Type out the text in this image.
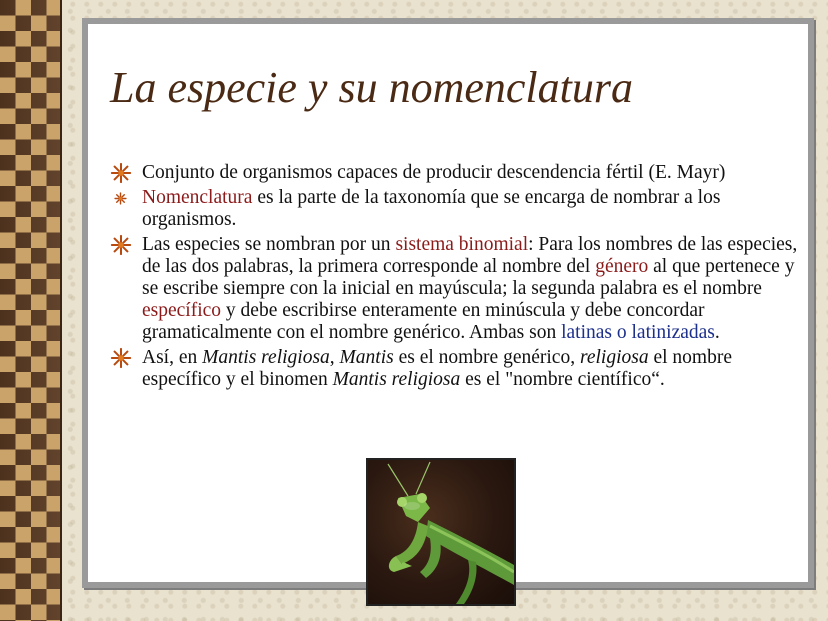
La especie y su nomenclatura
Conjunto de organismos capaces de producir descendencia fértil (E. Mayr)
Nomenclatura es la parte de la taxonomía que se encarga de nombrar a los organismos.
Las especies se nombran por un sistema binomial: Para los nombres de las especies, de las dos palabras, la primera corresponde al nombre del género al que pertenece y se escribe siempre con la inicial en mayúscula; la segunda palabra es el nombre específico y debe escribirse enteramente en minúscula y debe concordar gramaticalmente con el nombre genérico. Ambas son latinas o latinizadas.
Así, en Mantis religiosa, Mantis es el nombre genérico, religiosa el nombre específico y el binomen Mantis religiosa es el "nombre científico“.
